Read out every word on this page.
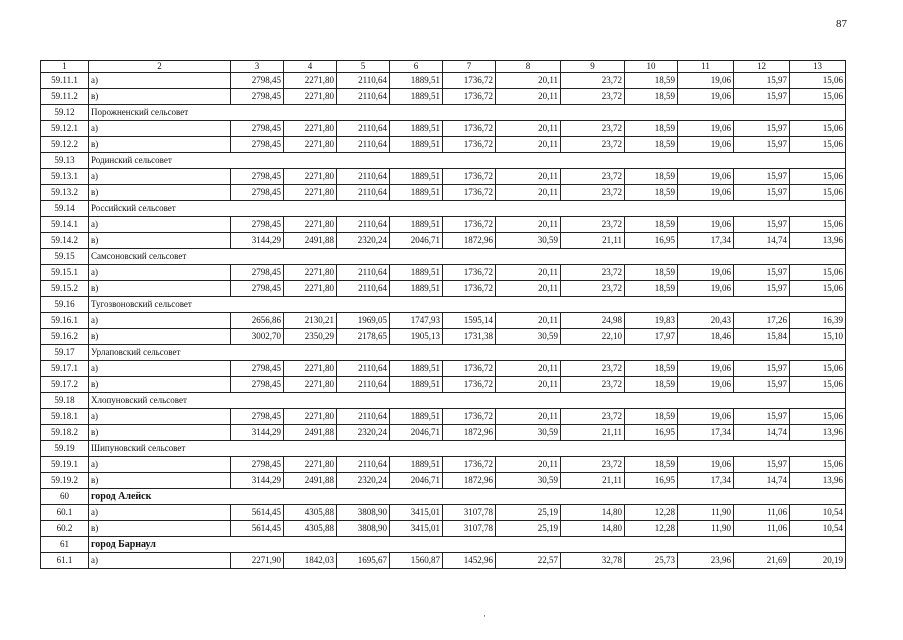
87
1	2	3	4	5	6	7	8	9	10	11	12	13
59.11.1	а)	2798,45	2271,80	2110,64	1889,51	1736,72	20,11	23,72	18,59	19,06	15,97	15,06
59.11.2	в)	2798,45	2271,80	2110,64	1889,51	1736,72	20,11	23,72	18,59	19,06	15,97	15,06
59.12	Порожненский сельсовет											
59.12.1	а)	2798,45	2271,80	2110,64	1889,51	1736,72	20,11	23,72	18,59	19,06	15,97	15,06
59.12.2	в)	2798,45	2271,80	2110,64	1889,51	1736,72	20,11	23,72	18,59	19,06	15,97	15,06
59.13	Родинский сельсовет											
59.13.1	а)	2798,45	2271,80	2110,64	1889,51	1736,72	20,11	23,72	18,59	19,06	15,97	15,06
59.13.2	в)	2798,45	2271,80	2110,64	1889,51	1736,72	20,11	23,72	18,59	19,06	15,97	15,06
59.14	Российский сельсовет											
59.14.1	а)	2798,45	2271,80	2110,64	1889,51	1736,72	20,11	23,72	18,59	19,06	15,97	15,06
59.14.2	в)	3144,29	2491,88	2320,24	2046,71	1872,96	30,59	21,11	16,95	17,34	14,74	13,96
59.15	Самсоновский сельсовет											
59.15.1	а)	2798,45	2271,80	2110,64	1889,51	1736,72	20,11	23,72	18,59	19,06	15,97	15,06
59.15.2	в)	2798,45	2271,80	2110,64	1889,51	1736,72	20,11	23,72	18,59	19,06	15,97	15,06
59.16	Тугозвоновский сельсовет											
59.16.1	а)	2656,86	2130,21	1969,05	1747,93	1595,14	20,11	24,98	19,83	20,43	17,26	16,39
59.16.2	в)	3002,70	2350,29	2178,65	1905,13	1731,38	30,59	22,10	17,97	18,46	15,84	15,10
59.17	Урлаповский сельсовет											
59.17.1	а)	2798,45	2271,80	2110,64	1889,51	1736,72	20,11	23,72	18,59	19,06	15,97	15,06
59.17.2	в)	2798,45	2271,80	2110,64	1889,51	1736,72	20,11	23,72	18,59	19,06	15,97	15,06
59.18	Хлопуновский сельсовет											
59.18.1	а)	2798,45	2271,80	2110,64	1889,51	1736,72	20,11	23,72	18,59	19,06	15,97	15,06
59.18.2	в)	3144,29	2491,88	2320,24	2046,71	1872,96	30,59	21,11	16,95	17,34	14,74	13,96
59.19	Шипуновский сельсовет											
59.19.1	а)	2798,45	2271,80	2110,64	1889,51	1736,72	20,11	23,72	18,59	19,06	15,97	15,06
59.19.2	в)	3144,29	2491,88	2320,24	2046,71	1872,96	30,59	21,11	16,95	17,34	14,74	13,96
60	город Алейск											
60.1	а)	5614,45	4305,88	3808,90	3415,01	3107,78	25,19	14,80	12,28	11,90	11,06	10,54
60.2	в)	5614,45	4305,88	3808,90	3415,01	3107,78	25,19	14,80	12,28	11,90	11,06	10,54
61	город Барнаул											
61.1	а)	2271,90	1842,03	1695,67	1560,87	1452,96	22,57	32,78	25,73	23,96	21,69	20,19
·
